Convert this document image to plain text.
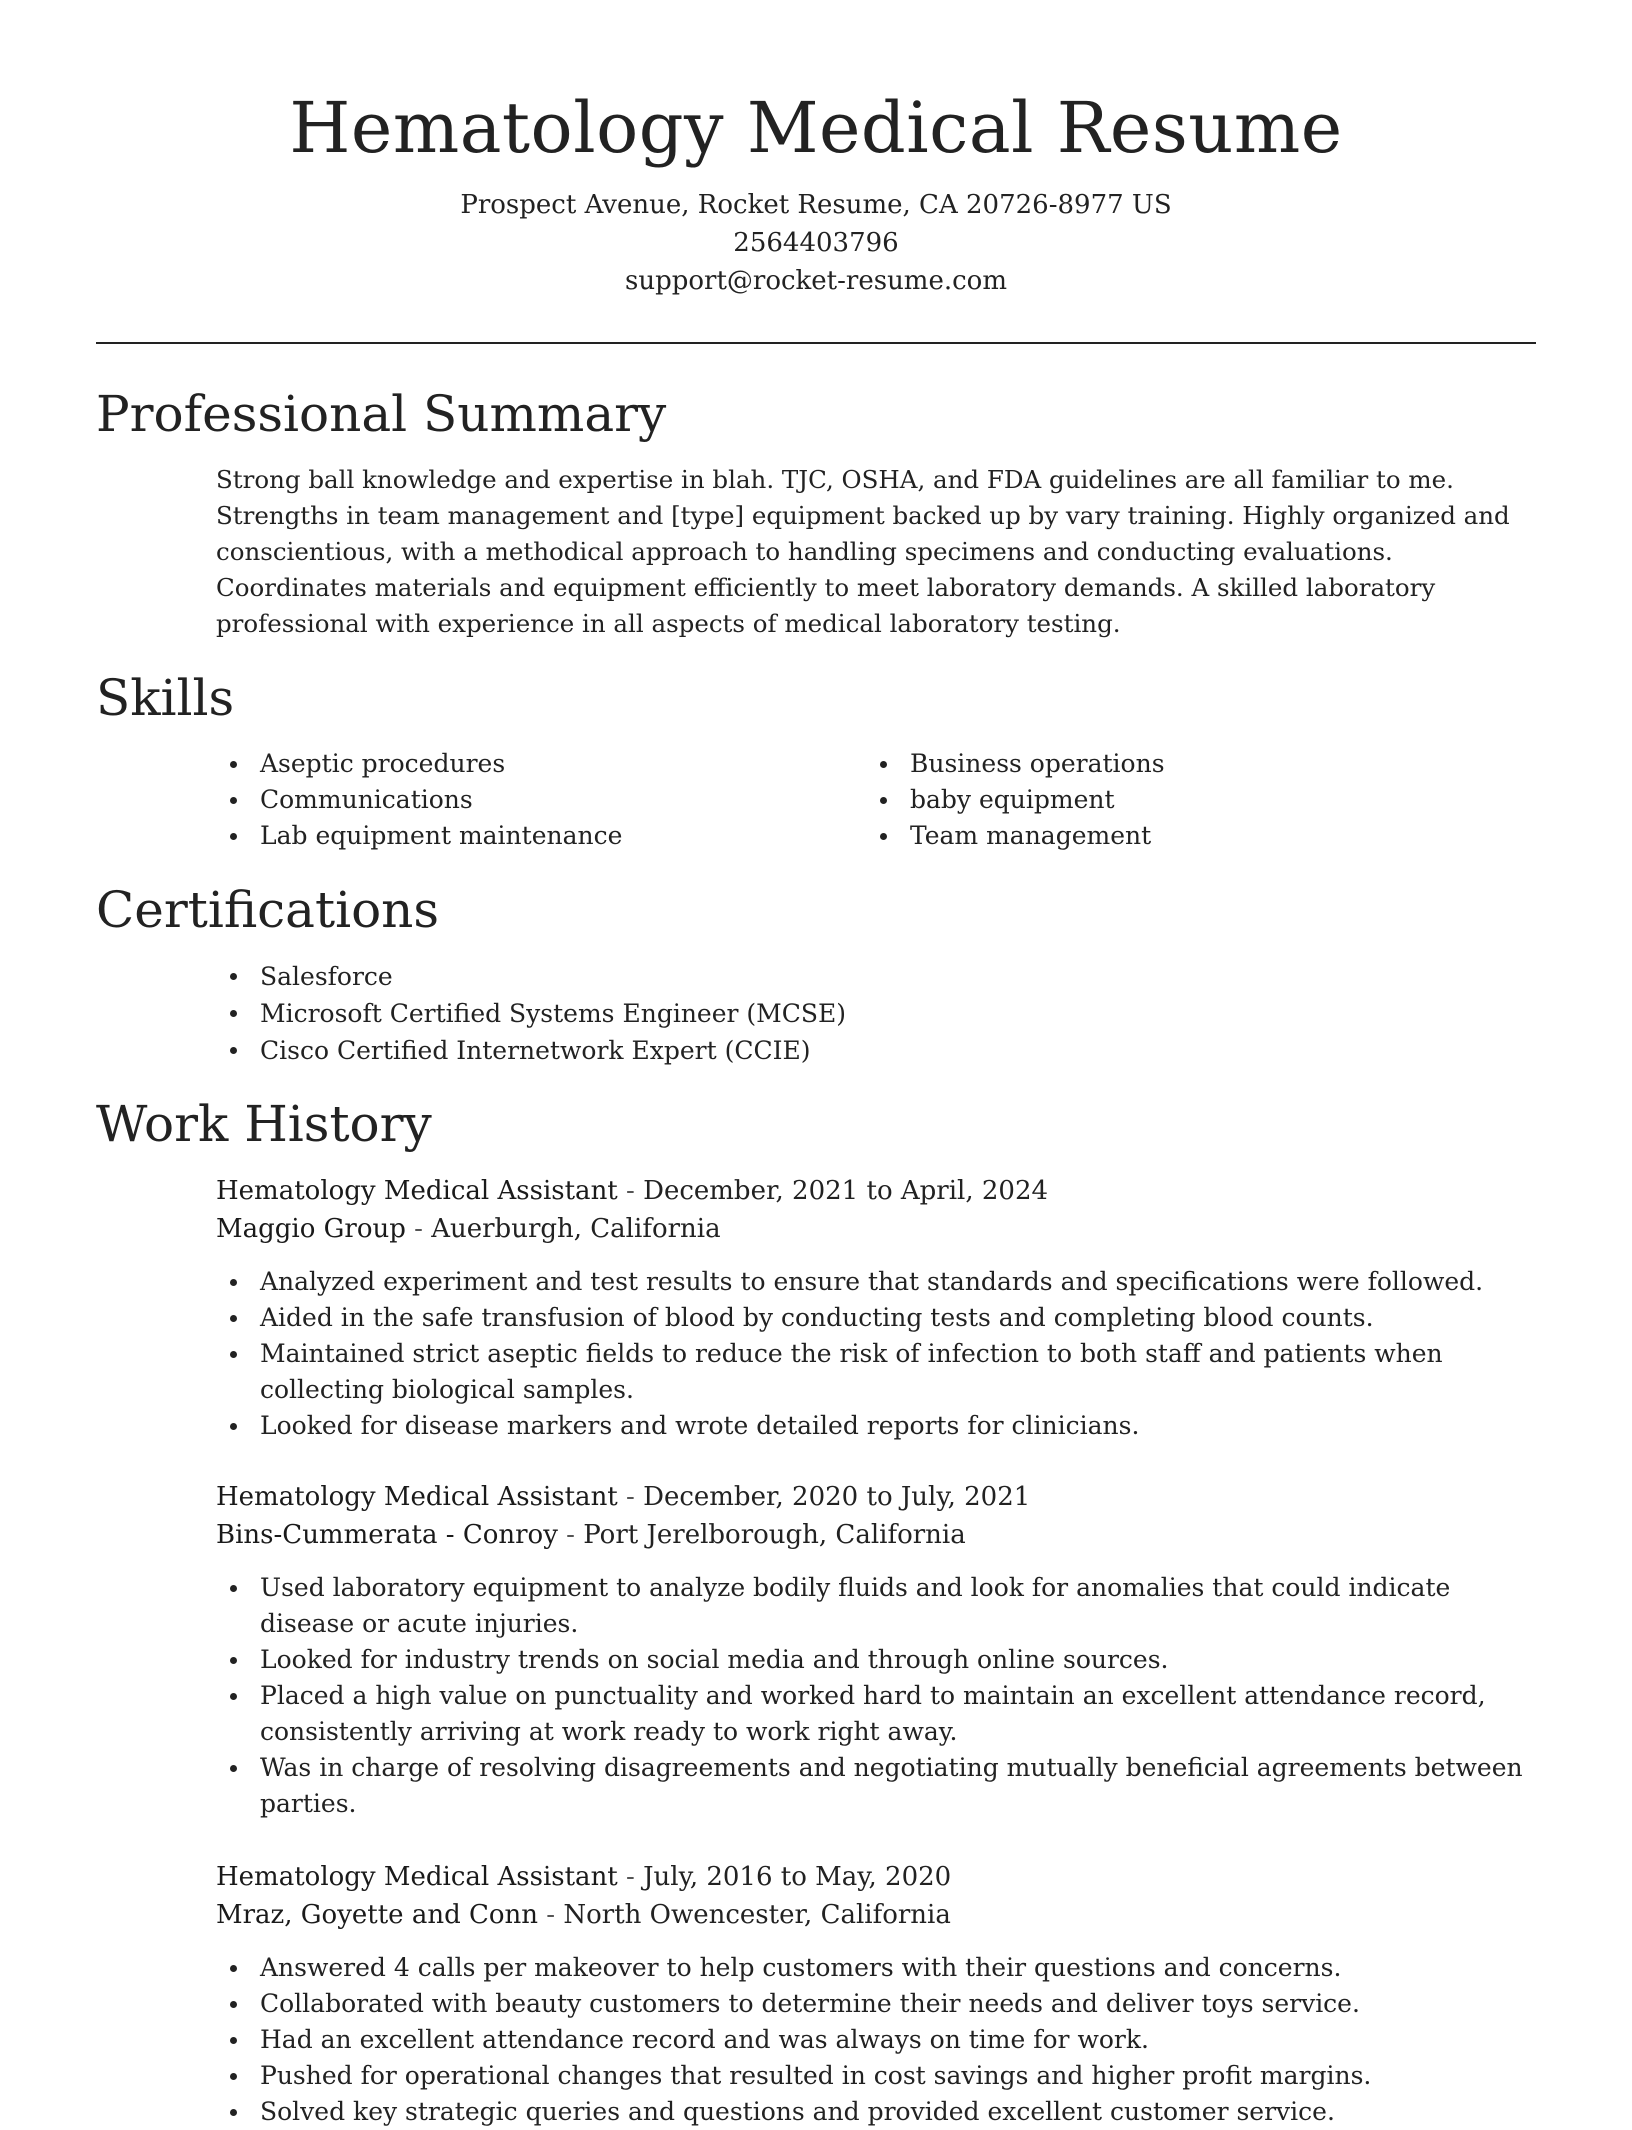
Hematology Medical Resume

Prospect Avenue, Rocket Resume, CA 20726-8977 US

2564403796

support@rocket-resume.com

Professional Summary

Strong ball knowledge and expertise in blah. TJC, OSHA, and FDA guidelines are all familiar to me. Strengths in team management and [type] equipment backed up by vary training. Highly organized and conscientious, with a methodical approach to handling specimens and conducting evaluations. Coordinates materials and equipment efficiently to meet laboratory demands. A skilled laboratory professional with experience in all aspects of medical laboratory testing.

Skills
Aseptic procedures
Communications
Lab equipment maintenance
Business operations
baby equipment
Team management
Certifications
Salesforce
Microsoft Certified Systems Engineer (MCSE)
Cisco Certified Internetwork Expert (CCIE)
Work History

Hematology Medical Assistant - December, 2021 to April, 2024

Maggio Group - Auerburgh, California

Analyzed experiment and test results to ensure that standards and specifications were followed.
Aided in the safe transfusion of blood by conducting tests and completing blood counts.
Maintained strict aseptic fields to reduce the risk of infection to both staff and patients when collecting biological samples.
Looked for disease markers and wrote detailed reports for clinicians.

Hematology Medical Assistant - December, 2020 to July, 2021

Bins-Cummerata - Conroy - Port Jerelborough, California

Used laboratory equipment to analyze bodily fluids and look for anomalies that could indicate disease or acute injuries.
Looked for industry trends on social media and through online sources.
Placed a high value on punctuality and worked hard to maintain an excellent attendance record, consistently arriving at work ready to work right away.
Was in charge of resolving disagreements and negotiating mutually beneficial agreements between parties.

Hematology Medical Assistant - July, 2016 to May, 2020

Mraz, Goyette and Conn - North Owencester, California

Answered 4 calls per makeover to help customers with their questions and concerns.
Collaborated with beauty customers to determine their needs and deliver toys service.
Had an excellent attendance record and was always on time for work.
Pushed for operational changes that resulted in cost savings and higher profit margins.
Solved key strategic queries and questions and provided excellent customer service.
